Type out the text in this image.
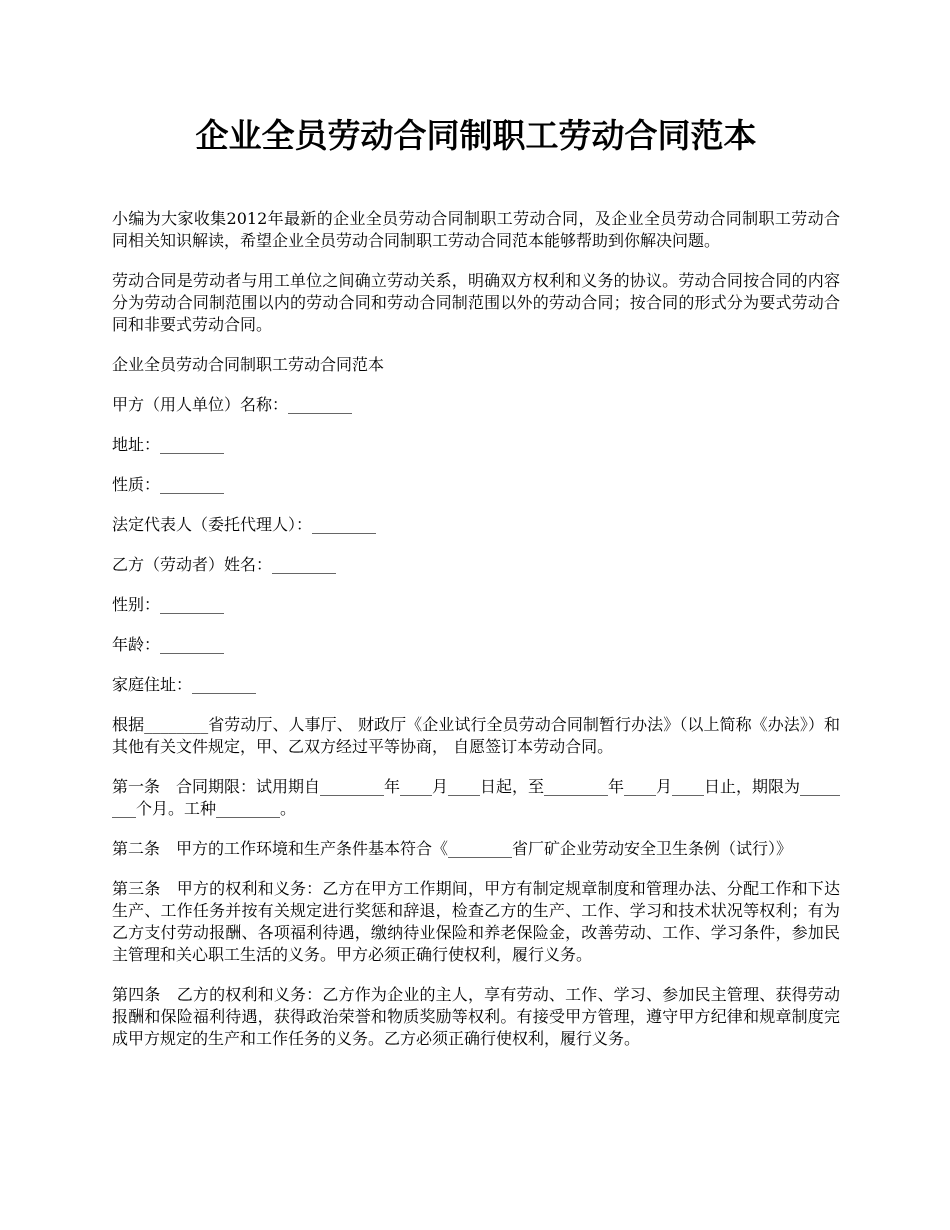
企业全员劳动合同制职工劳动合同范本

小编为大家收集2012年最新的企业全员劳动合同制职工劳动合同，及企业全员劳动合同制职工劳动合同相关知识解读，希望企业全员劳动合同制职工劳动合同范本能够帮助到你解决问题。

劳动合同是劳动者与用工单位之间确立劳动关系，明确双方权利和义务的协议。劳动合同按合同的内容分为劳动合同制范围以内的劳动合同和劳动合同制范围以外的劳动合同；按合同的形式分为要式劳动合同和非要式劳动合同。

企业全员劳动合同制职工劳动合同范本

甲方（用人单位）名称：________

地址：________

性质：________

法定代表人（委托代理人）：________

乙方（劳动者）姓名：________

性别：________

年龄：________

家庭住址：________

根据________省劳动厅、人事厅、 财政厅《企业试行全员劳动合同制暂行办法》（以上简称《办法》）和其他有关文件规定，甲、乙双方经过平等协商， 自愿签订本劳动合同。

第一条　合同期限：试用期自________年____月____日起，至________年____月____日止，期限为________个月。工种________。

第二条　甲方的工作环境和生产条件基本符合《________省厂矿企业劳动安全卫生条例（试行）》

第三条　甲方的权利和义务：乙方在甲方工作期间，甲方有制定规章制度和管理办法、分配工作和下达生产、工作任务并按有关规定进行奖惩和辞退，检查乙方的生产、工作、学习和技术状况等权利；有为乙方支付劳动报酬、各项福利待遇，缴纳待业保险和养老保险金，改善劳动、工作、学习条件，参加民主管理和关心职工生活的义务。甲方必须正确行使权利，履行义务。

第四条　乙方的权利和义务：乙方作为企业的主人，享有劳动、工作、学习、参加民主管理、获得劳动报酬和保险福利待遇，获得政治荣誉和物质奖励等权利。有接受甲方管理，遵守甲方纪律和规章制度完成甲方规定的生产和工作任务的义务。乙方必须正确行使权利，履行义务。
